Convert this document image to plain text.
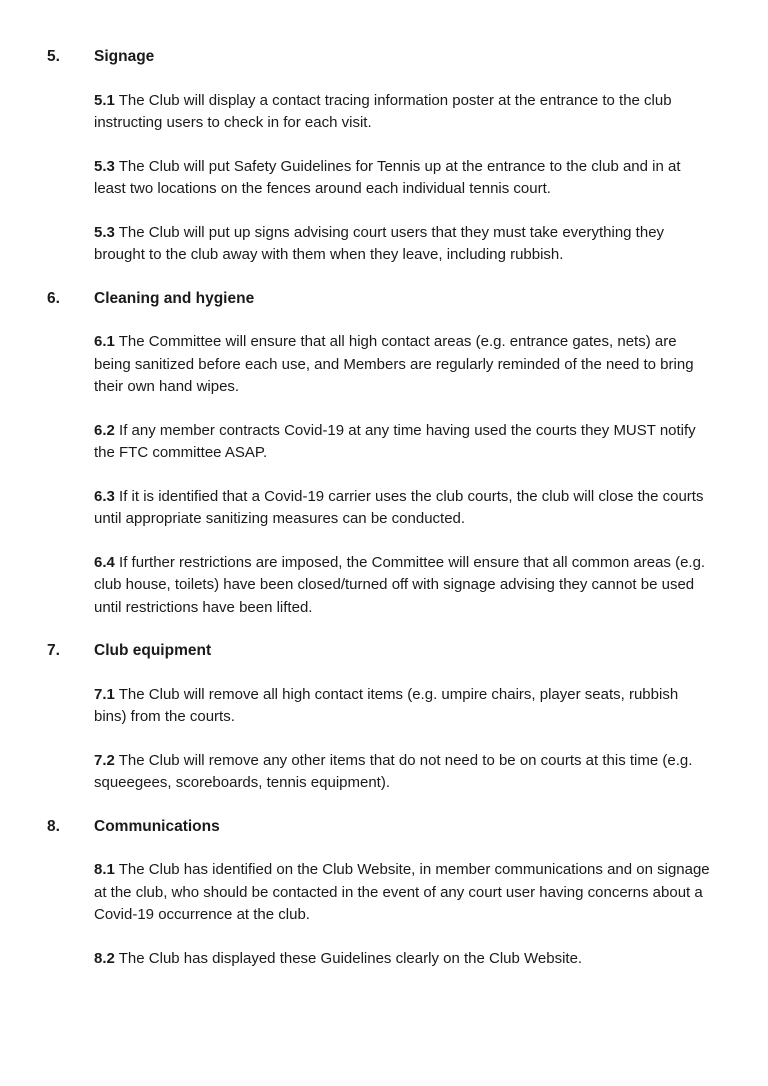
5.	Signage

5.1 The Club will display a contact tracing information poster at the entrance to the club instructing users to check in for each visit.

5.3 The Club will put Safety Guidelines for Tennis up at the entrance to the club and in at least two locations on the fences around each individual tennis court.

5.3 The Club will put up signs advising court users that they must take everything they brought to the club away with them when they leave, including rubbish.

6.	Cleaning and hygiene

6.1 The Committee will ensure that all high contact areas (e.g. entrance gates, nets) are being sanitized before each use, and Members are regularly reminded of the need to bring their own hand wipes.

6.2 If any member contracts Covid-19 at any time having used the courts they MUST notify the FTC committee ASAP.

6.3 If it is identified that a Covid-19 carrier uses the club courts, the club will close the courts until appropriate sanitizing measures can be conducted.

6.4 If further restrictions are imposed, the Committee will ensure that all common areas (e.g. club house, toilets) have been closed/turned off with signage advising they cannot be used until restrictions have been lifted.

7.	Club equipment

7.1 The Club will remove all high contact items (e.g. umpire chairs, player seats, rubbish bins) from the courts.

7.2 The Club will remove any other items that do not need to be on courts at this time (e.g. squeegees, scoreboards, tennis equipment).

8.	Communications

8.1 The Club has identified on the Club Website, in member communications and on signage at the club, who should be contacted in the event of any court user having concerns about a Covid-19 occurrence at the club.

8.2 The Club has displayed these Guidelines clearly on the Club Website.
